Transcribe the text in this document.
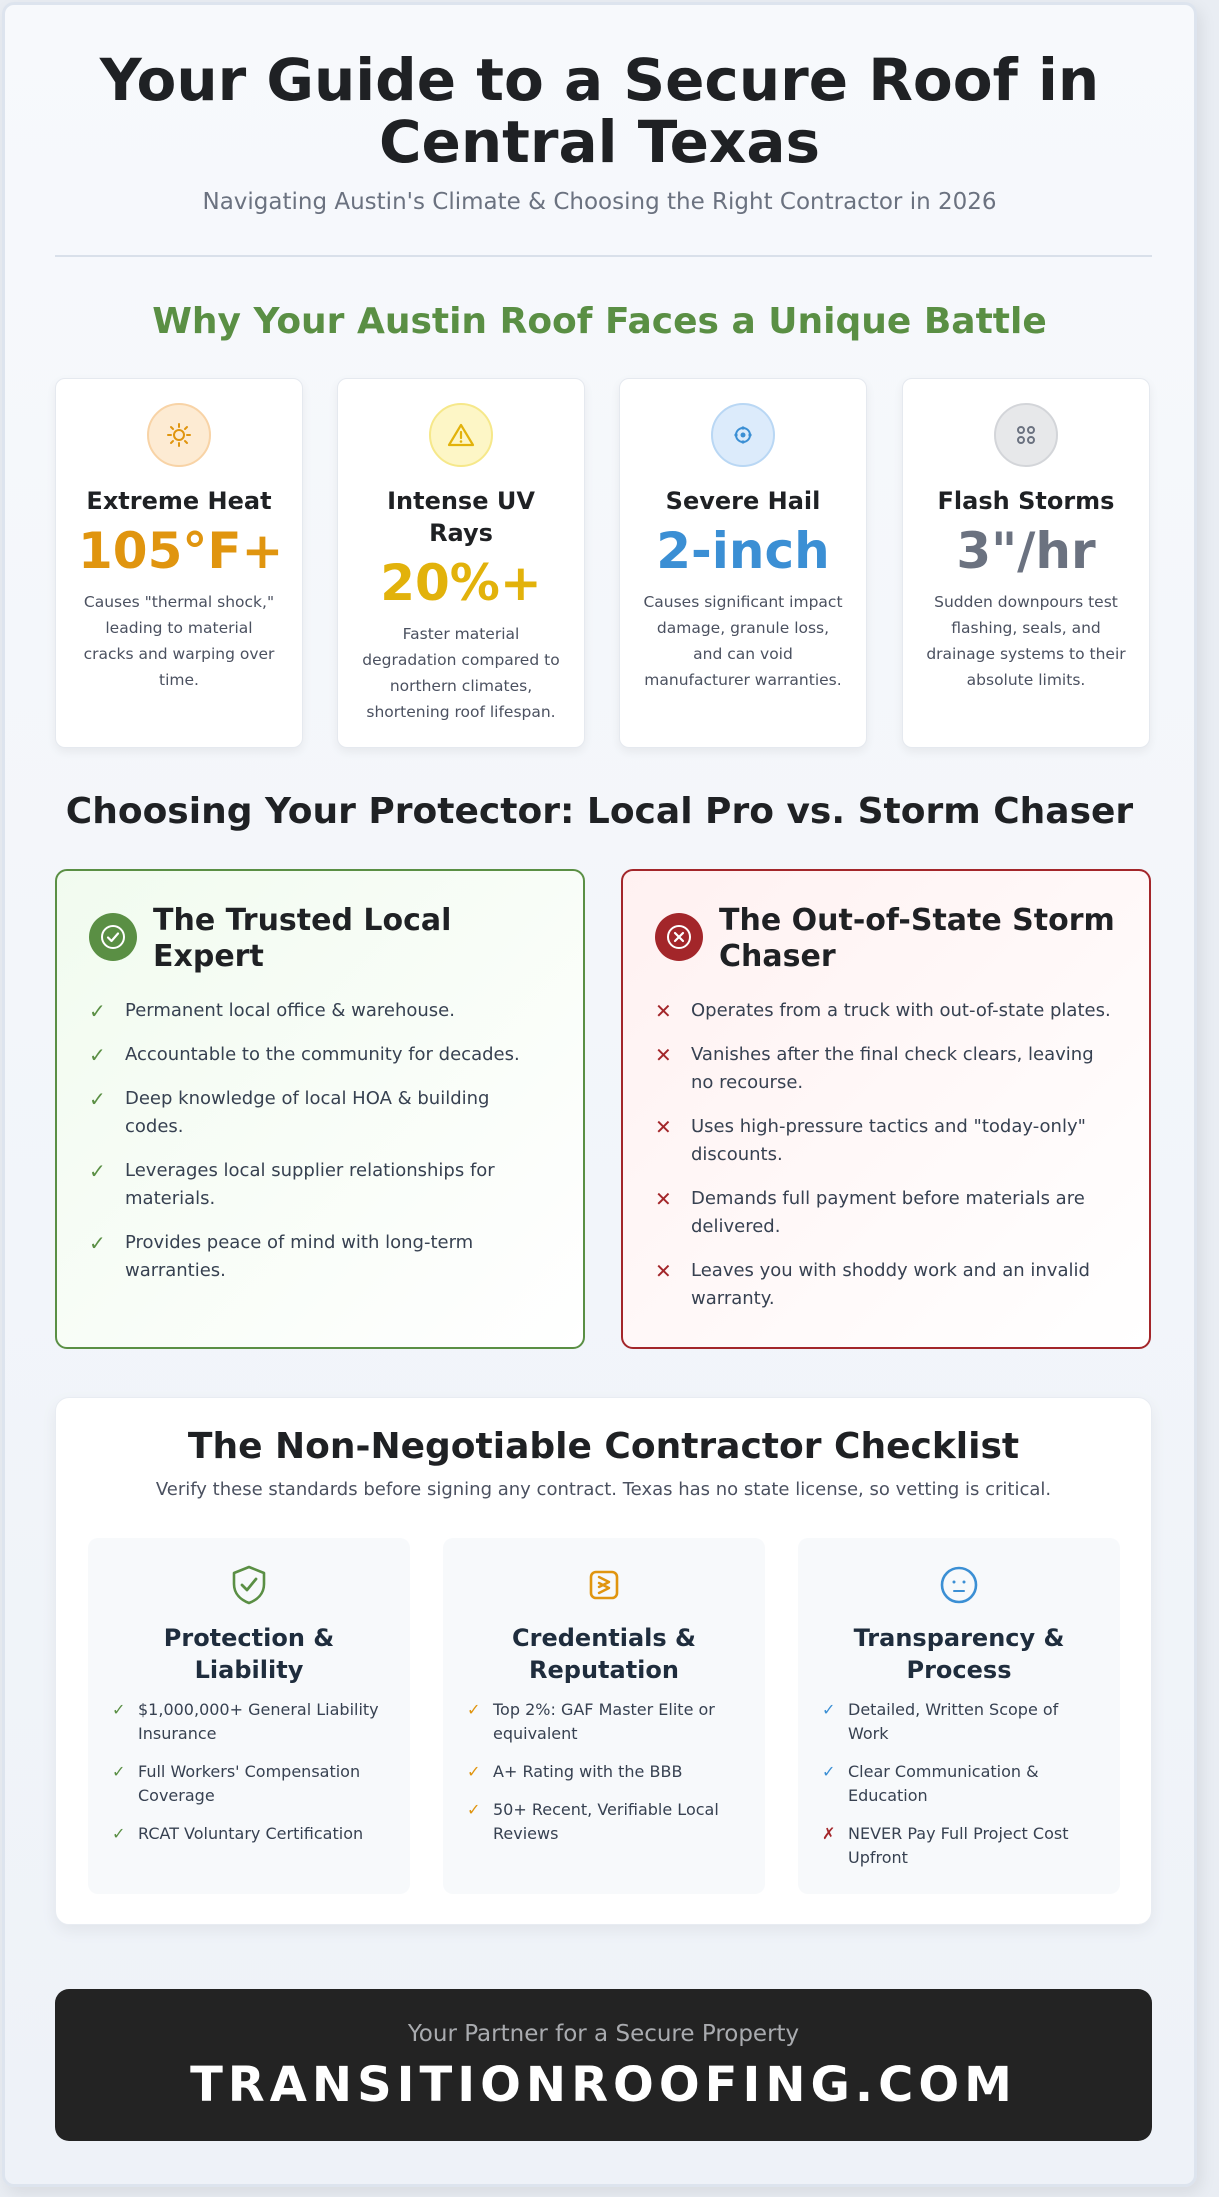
Your Guide to a Secure Roof in Central Texas
Navigating Austin's Climate & Choosing the Right Contractor in 2026
Why Your Austin Roof Faces a Unique Battle
Extreme Heat
105°F+
Causes "thermal shock," leading to material cracks and warping over time.
Intense UV Rays
20%+
Faster material degradation compared to northern climates, shortening roof lifespan.
Severe Hail
2-inch
Causes significant impact damage, granule loss, and can void manufacturer warranties.
Flash Storms
3"/hr
Sudden downpours test flashing, seals, and drainage systems to their absolute limits.
Choosing Your Protector: Local Pro vs. Storm Chaser
The Trusted Local Expert
✓	Permanent local office & warehouse.
✓	Accountable to the community for decades.
✓	Deep knowledge of local HOA & building codes.
✓	Leverages local supplier relationships for materials.
✓	Provides peace of mind with long-term warranties.
The Out-of-State Storm Chaser
✕	Operates from a truck with out-of-state plates.
✕	Vanishes after the final check clears, leaving no recourse.
✕	Uses high-pressure tactics and "today-only" discounts.
✕	Demands full payment before materials are delivered.
✕	Leaves you with shoddy work and an invalid warranty.
The Non-Negotiable Contractor Checklist
Verify these standards before signing any contract. Texas has no state license, so vetting is critical.
Protection & Liability
✓ $1,000,000+ General Liability Insurance
✓ Full Workers' Compensation Coverage
✓ RCAT Voluntary Certification
Credentials & Reputation
✓ Top 2%: GAF Master Elite or equivalent
✓ A+ Rating with the BBB
✓ 50+ Recent, Verifiable Local Reviews
Transparency & Process
✓ Detailed, Written Scope of Work
✓ Clear Communication & Education
✗ NEVER Pay Full Project Cost Upfront
Your Partner for a Secure Property
TRANSITIONROOFING.COM
